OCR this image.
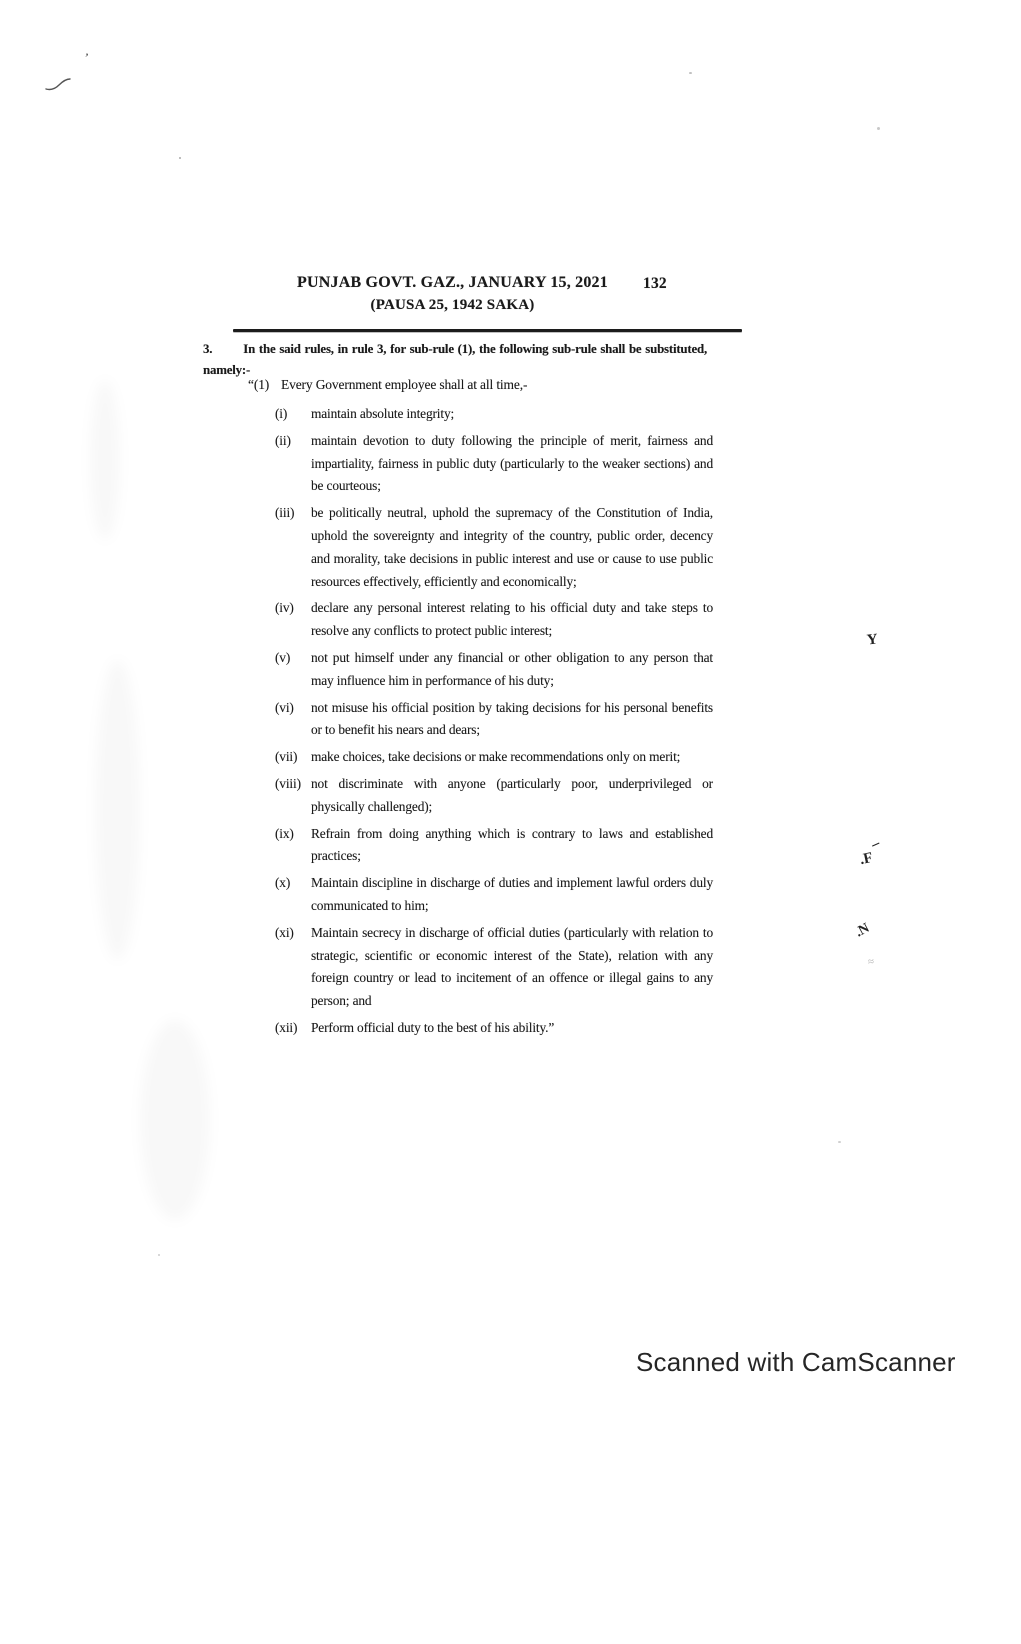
PUNJAB GOVT. GAZ., JANUARY 15, 2021
(PAUSA 25, 1942 SAKA)
132
3. In the said rules, in rule 3, for sub-rule (1), the following sub-rule shall be substituted, namely:-
“(1) Every Government employee shall at all time,-
(i)	maintain absolute integrity;
(ii)	maintain devotion to duty following the principle of merit, fairness and impartiality, fairness in public duty (particularly to the weaker sections) and be courteous;
(iii)	be politically neutral, uphold the supremacy of the Constitution of India, uphold the sovereignty and integrity of the country, public order, decency and morality, take decisions in public interest and use or cause to use public resources effectively, efficiently and economically;
(iv)	declare any personal interest relating to his official duty and take steps to resolve any conflicts to protect public interest;
(v)	not put himself under any financial or other obligation to any person that may influence him in performance of his duty;
(vi)	not misuse his official position by taking decisions for his personal benefits or to benefit his nears and dears;
(vii)	make choices, take decisions or make recommendations only on merit;
(viii) not discriminate with anyone (particularly poor, underprivileged or physically challenged);
(ix)	Refrain from doing anything which is contrary to laws and established practices;
(x)	Maintain discipline in discharge of duties and implement lawful orders duly communicated to him;
(xi)	Maintain secrecy in discharge of official duties (particularly with relation to strategic, scientific or economic interest of the State), relation with any foreign country or lead to incitement of an offence or illegal gains to any person; and
(xii)	Perform official duty to the best of his ability.”
Scanned with CamScanner
’
Y
–
.F
.N
≈
